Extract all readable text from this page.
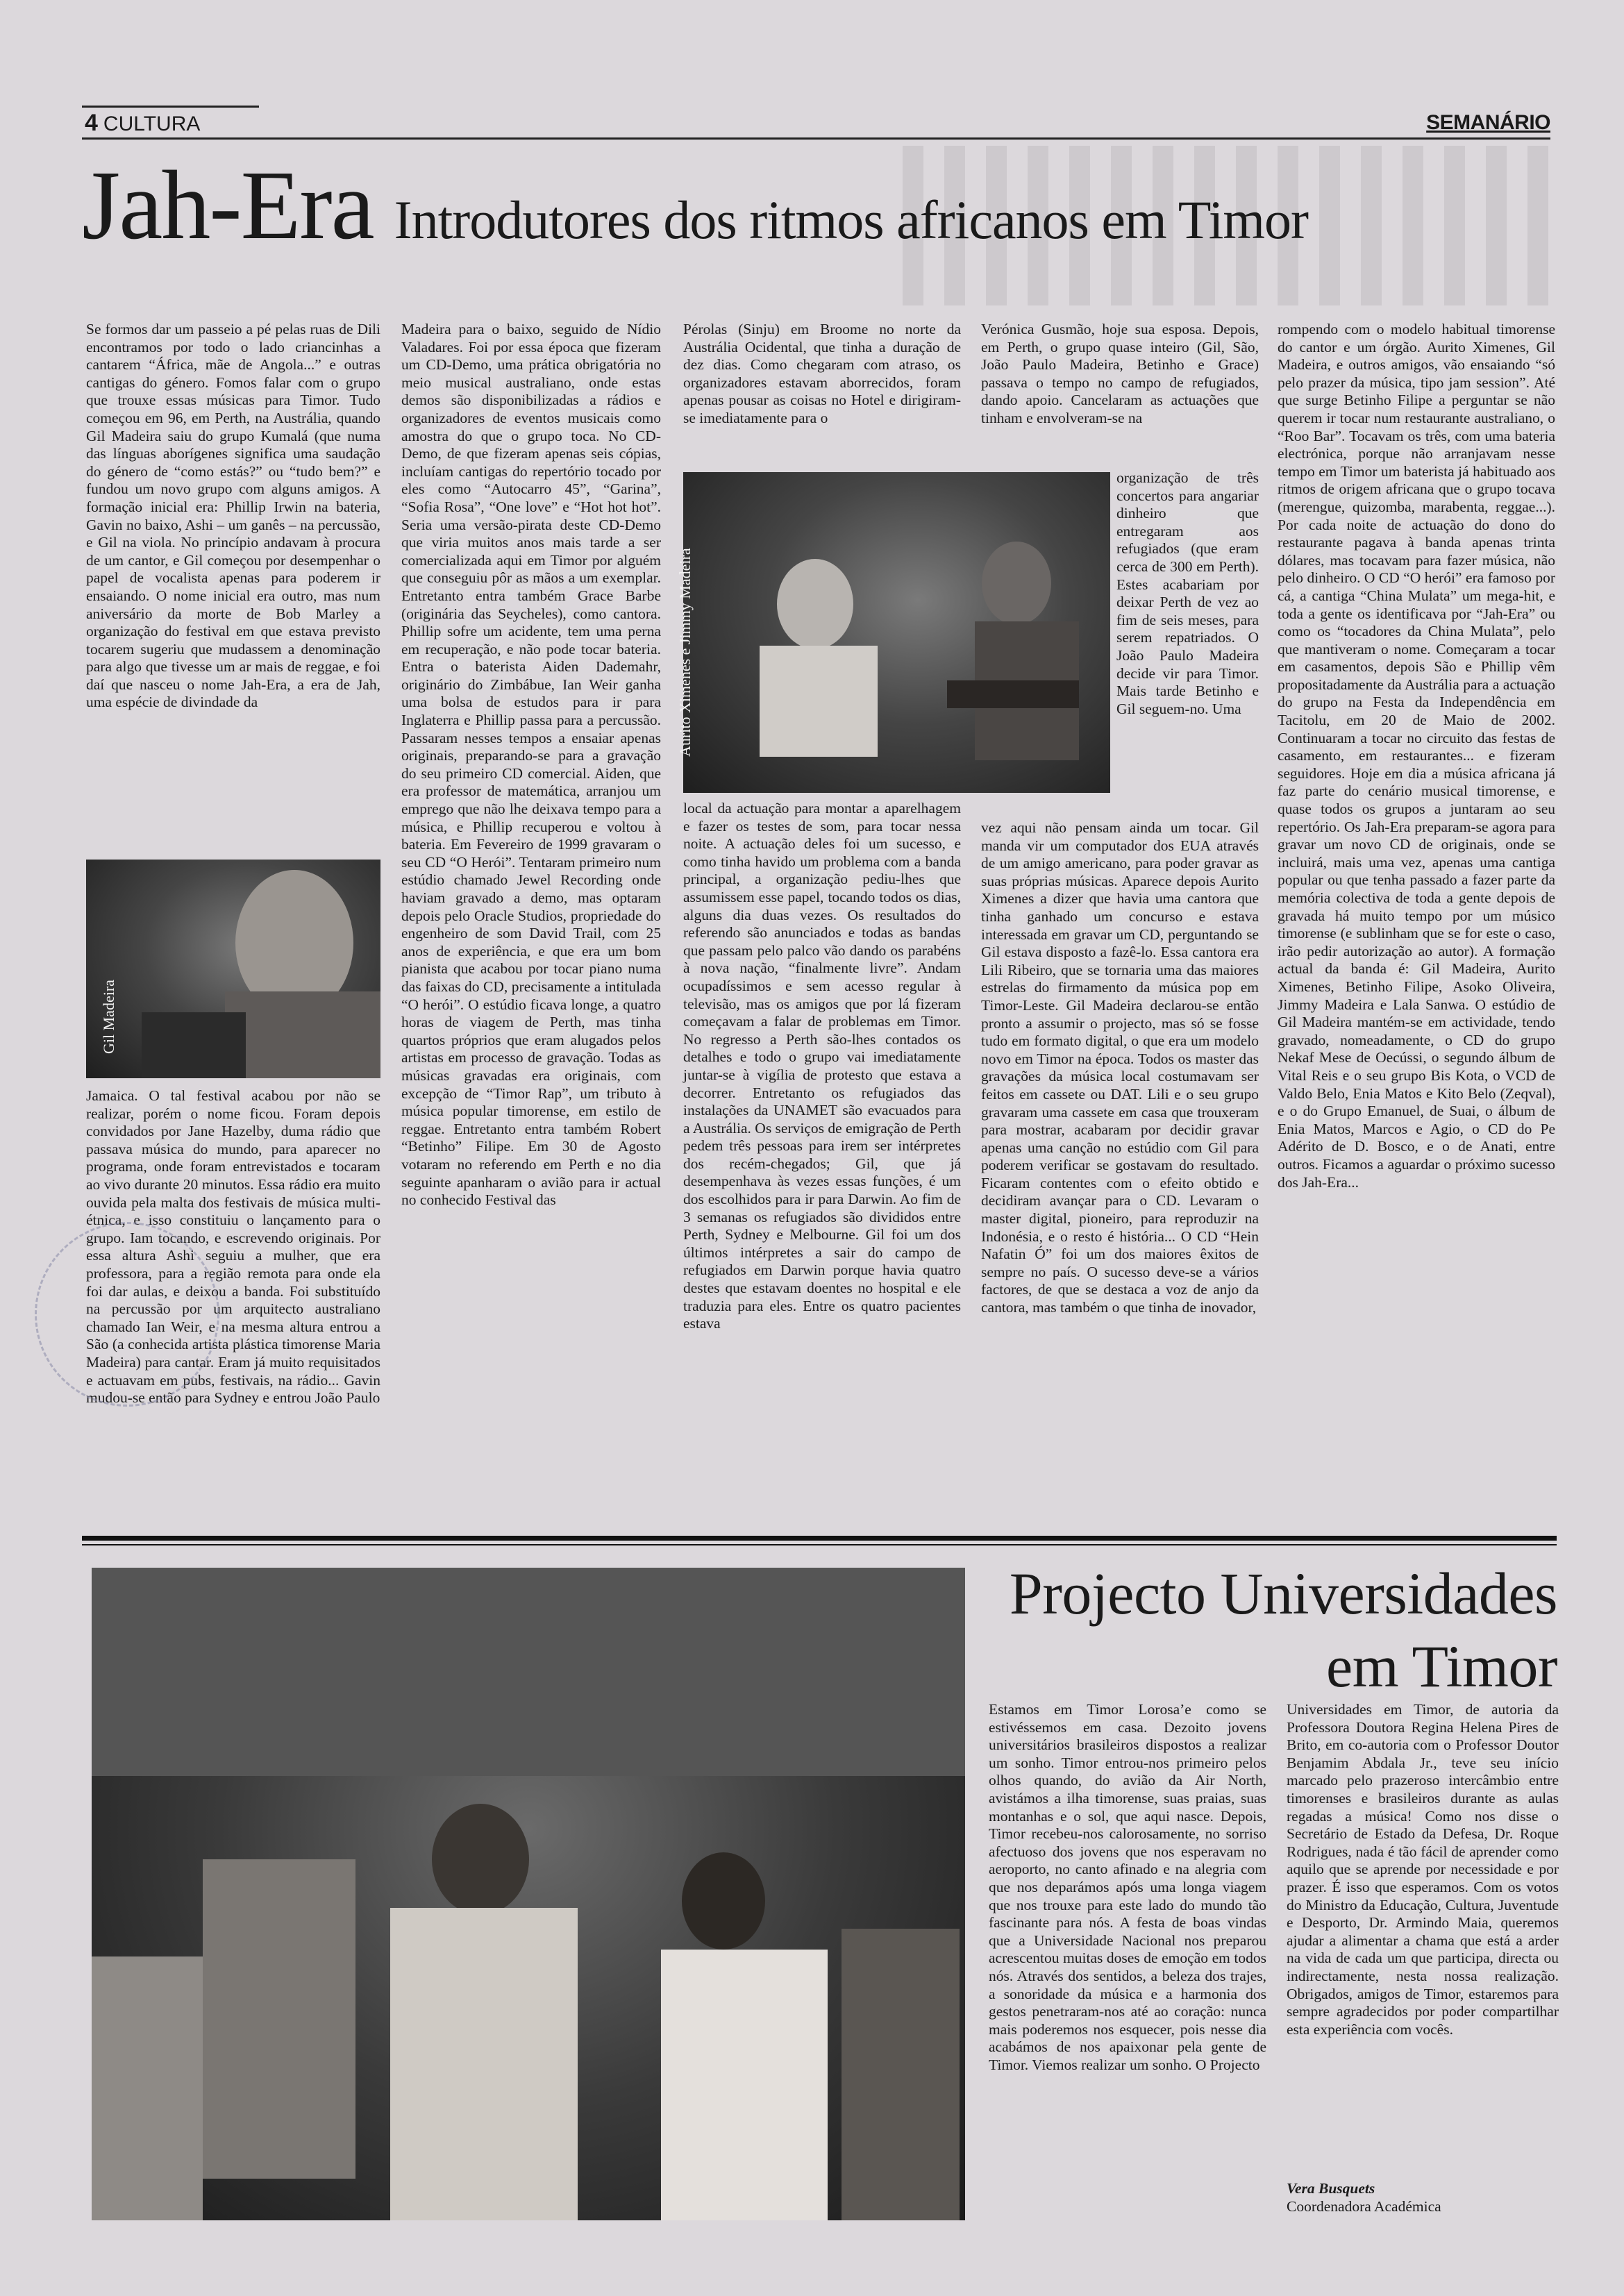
4 CULTURA	SEMANÁRIO
Jah-Era Introdutores dos ritmos africanos em Timor

Se formos dar um passeio a pé pelas ruas de Dili encontramos por todo o lado criancinhas a cantarem “África, mãe de Angola...” e outras cantigas do género. Fomos falar com o grupo que trouxe essas músicas para Timor. Tudo começou em 96, em Perth, na Austrália, quando Gil Madeira saiu do grupo Kumalá (que numa das línguas aborígenes significa uma saudação do género de “como estás?” ou “tudo bem?” e fundou um novo grupo com alguns amigos. A formação inicial era: Phillip Irwin na bateria, Gavin no baixo, Ashi – um ganês – na percussão, e Gil na viola. No princípio andavam à procura de um cantor, e Gil começou por desempenhar o papel de vocalista apenas para poderem ir ensaiando. O nome inicial era outro, mas num aniversário da morte de Bob Marley a organização do festival em que estava previsto tocarem sugeriu que mudassem a denominação para algo que tivesse um ar mais de reggae, e foi daí que nasceu o nome Jah-Era, a era de Jah, uma espécie de divindade da

Gil Madeira

Jamaica. O tal festival acabou por não se realizar, porém o nome ficou. Foram depois convidados por Jane Hazelby, duma rádio que passava música do mundo, para aparecer no programa, onde foram entrevistados e tocaram ao vivo durante 20 minutos. Essa rádio era muito ouvida pela malta dos festivais de música multi-étnica, e isso constituiu o lançamento para o grupo. Iam tocando, e escrevendo originais. Por essa altura Ashi seguiu a mulher, que era professora, para a região remota para onde ela foi dar aulas, e deixou a banda. Foi substituído na percussão por um arquitecto australiano chamado Ian Weir, e na mesma altura entrou a São (a conhecida artista plástica timorense Maria Madeira) para cantar. Eram já muito requisitados e actuavam em pubs, festivais, na rádio... Gavin mudou-se então para Sydney e entrou João Paulo

Madeira para o baixo, seguido de Nídio Valadares. Foi por essa época que fizeram um CD-Demo, uma prática obrigatória no meio musical australiano, onde estas demos são disponibilizadas a rádios e organizadores de eventos musicais como amostra do que o grupo toca. No CD-Demo, de que fizeram apenas seis cópias, incluíam cantigas do repertório tocado por eles como “Autocarro 45”, “Garina”, “Sofia Rosa”, “One love” e “Hot hot hot”. Seria uma versão-pirata deste CD-Demo que viria muitos anos mais tarde a ser comercializada aqui em Timor por alguém que conseguiu pôr as mãos a um exemplar. Entretanto entra também Grace Barbe (originária das Seycheles), como cantora. Phillip sofre um acidente, tem uma perna em recuperação, e não pode tocar bateria. Entra o baterista Aiden Dademahr, originário do Zimbábue, Ian Weir ganha uma bolsa de estudos para ir para Inglaterra e Phillip passa para a percussão. Passaram nesses tempos a ensaiar apenas originais, preparando-se para a gravação do seu primeiro CD comercial. Aiden, que era professor de matemática, arranjou um emprego que não lhe deixava tempo para a música, e Phillip recuperou e voltou à bateria. Em Fevereiro de 1999 gravaram o seu CD “O Herói”. Tentaram primeiro num estúdio chamado Jewel Recording onde haviam gravado a demo, mas optaram depois pelo Oracle Studios, propriedade do engenheiro de som David Trail, com 25 anos de experiência, e que era um bom pianista que acabou por tocar piano numa das faixas do CD, precisamente a intitulada “O herói”. O estúdio ficava longe, a quatro horas de viagem de Perth, mas tinha quartos próprios que eram alugados pelos artistas em processo de gravação. Todas as músicas gravadas era originais, com excepção de “Timor Rap”, um tributo à música popular timorense, em estilo de reggae. Entretanto entra também Robert “Betinho” Filipe. Em 30 de Agosto votaram no referendo em Perth e no dia seguinte apanharam o avião para ir actual no conhecido Festival das

Pérolas (Sinju) em Broome no norte da Austrália Ocidental, que tinha a duração de dez dias. Como chegaram com atraso, os organizadores estavam aborrecidos, foram apenas pousar as coisas no Hotel e dirigiram-se imediatamente para o

Aurito Ximenes e Jimmy Madeira

local da actuação para montar a aparelhagem e fazer os testes de som, para tocar nessa noite. A actuação deles foi um sucesso, e como tinha havido um problema com a banda principal, a organização pediu-lhes que assumissem esse papel, tocando todos os dias, alguns dia duas vezes. Os resultados do referendo são anunciados e todas as bandas que passam pelo palco vão dando os parabéns à nova nação, “finalmente livre”. Andam ocupadíssimos e sem acesso regular à televisão, mas os amigos que por lá fizeram começavam a falar de problemas em Timor. No regresso a Perth são-lhes contados os detalhes e todo o grupo vai imediatamente juntar-se à vigília de protesto que estava a decorrer. Entretanto os refugiados das instalações da UNAMET são evacuados para a Austrália. Os serviços de emigração de Perth pedem três pessoas para irem ser intérpretes dos recém-chegados; Gil, que já desempenhava às vezes essas funções, é um dos escolhidos para ir para Darwin. Ao fim de 3 semanas os refugiados são divididos entre Perth, Sydney e Melbourne. Gil foi um dos últimos intérpretes a sair do campo de refugiados em Darwin porque havia quatro destes que estavam doentes no hospital e ele traduzia para eles. Entre os quatro pacientes estava

Verónica Gusmão, hoje sua esposa. Depois, em Perth, o grupo quase inteiro (Gil, São, João Paulo Madeira, Betinho e Grace) passava o tempo no campo de refugiados, dando apoio. Cancelaram as actuações que tinham e envolveram-se na

organização de três concertos para angariar dinheiro que entregaram aos refugiados (que eram cerca de 300 em Perth). Estes acabariam por deixar Perth de vez ao fim de seis meses, para serem repatriados. O João Paulo Madeira decide vir para Timor. Mais tarde Betinho e Gil seguem-no. Uma

vez aqui não pensam ainda um tocar. Gil manda vir um computador dos EUA através de um amigo americano, para poder gravar as suas próprias músicas. Aparece depois Aurito Ximenes a dizer que havia uma cantora que tinha ganhado um concurso e estava interessada em gravar um CD, perguntando se Gil estava disposto a fazê-lo. Essa cantora era Lili Ribeiro, que se tornaria uma das maiores estrelas do firmamento da música pop em Timor-Leste. Gil Madeira declarou-se então pronto a assumir o projecto, mas só se fosse tudo em formato digital, o que era um modelo novo em Timor na época. Todos os master das gravações da música local costumavam ser feitos em cassete ou DAT. Lili e o seu grupo gravaram uma cassete em casa que trouxeram para mostrar, acabaram por decidir gravar apenas uma canção no estúdio com Gil para poderem verificar se gostavam do resultado. Ficaram contentes com o efeito obtido e decidiram avançar para o CD. Levaram o master digital, pioneiro, para reproduzir na Indonésia, e o resto é história... O CD “Hein Nafatin Ó” foi um dos maiores êxitos de sempre no país. O sucesso deve-se a vários factores, de que se destaca a voz de anjo da cantora, mas também o que tinha de inovador,

rompendo com o modelo habitual timorense do cantor e um órgão. Aurito Ximenes, Gil Madeira, e outros amigos, vão ensaiando “só pelo prazer da música, tipo jam session”. Até que surge Betinho Filipe a perguntar se não querem ir tocar num restaurante australiano, o “Roo Bar”. Tocavam os três, com uma bateria electrónica, porque não arranjavam nesse tempo em Timor um baterista já habituado aos ritmos de origem africana que o grupo tocava (merengue, quizomba, marabenta, reggae...). Por cada noite de actuação do dono do restaurante pagava à banda apenas trinta dólares, mas tocavam para fazer música, não pelo dinheiro. O CD “O herói” era famoso por cá, a cantiga “China Mulata” um mega-hit, e toda a gente os identificava por “Jah-Era” ou como os “tocadores da China Mulata”, pelo que mantiveram o nome. Começaram a tocar em casamentos, depois São e Phillip vêm propositadamente da Austrália para a actuação do grupo na Festa da Independência em Tacitolu, em 20 de Maio de 2002. Continuaram a tocar no circuito das festas de casamento, em restaurantes... e fizeram seguidores. Hoje em dia a música africana já faz parte do cenário musical timorense, e quase todos os grupos a juntaram ao seu repertório. Os Jah-Era preparam-se agora para gravar um novo CD de originais, onde se incluirá, mais uma vez, apenas uma cantiga popular ou que tenha passado a fazer parte da memória colectiva de toda a gente depois de gravada há muito tempo por um músico timorense (e sublinham que se for este o caso, irão pedir autorização ao autor). A formação actual da banda é: Gil Madeira, Aurito Ximenes, Betinho Filipe, Asoko Oliveira, Jimmy Madeira e Lala Sanwa. O estúdio de Gil Madeira mantém-se em actividade, tendo gravado, nomeadamente, o CD do grupo Nekaf Mese de Oecússi, o segundo álbum de Vital Reis e o seu grupo Bis Kota, o VCD de Valdo Belo, Enia Matos e Kito Belo (Zeqval), e o do Grupo Emanuel, de Suai, o álbum de Enia Matos, Marcos e Agio, o CD do Pe Adérito de D. Bosco, e o de Anati, entre outros. Ficamos a aguardar o próximo sucesso dos Jah-Era...

Projecto Universidades
em Timor

Estamos em Timor Lorosa’e como se estivéssemos em casa. Dezoito jovens universitários brasileiros dispostos a realizar um sonho. Timor entrou-nos primeiro pelos olhos quando, do avião da Air North, avistámos a ilha timorense, suas praias, suas montanhas e o sol, que aqui nasce. Depois, Timor recebeu-nos calorosamente, no sorriso afectuoso dos jovens que nos esperavam no aeroporto, no canto afinado e na alegria com que nos deparámos após uma longa viagem que nos trouxe para este lado do mundo tão fascinante para nós. A festa de boas vindas que a Universidade Nacional nos preparou acrescentou muitas doses de emoção em todos nós. Através dos sentidos, a beleza dos trajes, a sonoridade da música e a harmonia dos gestos penetraram-nos até ao coração: nunca mais poderemos nos esquecer, pois nesse dia acabámos de nos apaixonar pela gente de Timor. Viemos realizar um sonho. O Projecto

Universidades em Timor, de autoria da Professora Doutora Regina Helena Pires de Brito, em co-autoria com o Professor Doutor Benjamim Abdala Jr., teve seu início marcado pelo prazeroso intercâmbio entre timorenses e brasileiros durante as aulas regadas a música! Como nos disse o Secretário de Estado da Defesa, Dr. Roque Rodrigues, nada é tão fácil de aprender como aquilo que se aprende por necessidade e por prazer. É isso que esperamos. Com os votos do Ministro da Educação, Cultura, Juventude e Desporto, Dr. Armindo Maia, queremos ajudar a alimentar a chama que está a arder na vida de cada um que participa, directa ou indirectamente, nesta nossa realização. Obrigados, amigos de Timor, estaremos para sempre agradecidos por poder compartilhar esta experiência com vocês.

Vera Busquets
Coordenadora Académica
